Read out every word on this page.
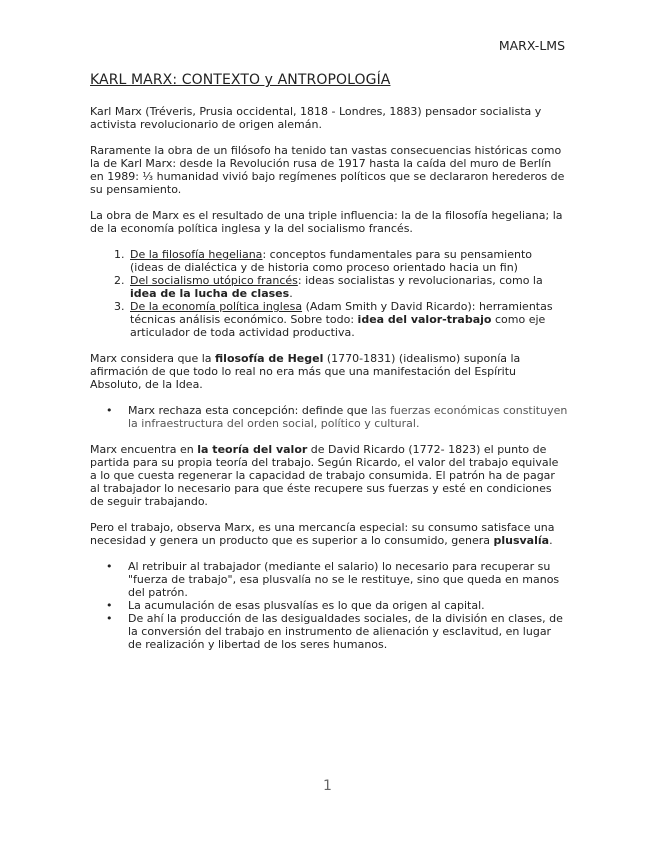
MARX-LMS
KARL MARX: CONTEXTO y ANTROPOLOGÍA

Karl Marx (Tréveris, Prusia occidental, 1818 - Londres, 1883) pensador socialista y activista revolucionario de origen alemán.

Raramente la obra de un filósofo ha tenido tan vastas consecuencias históricas como la de Karl Marx: desde la Revolución rusa de 1917 hasta la caída del muro de Berlín en 1989: ⅓ humanidad vivió bajo regímenes políticos que se declararon herederos de su pensamiento.

La obra de Marx es el resultado de una triple influencia: la de la filosofía hegeliana; la de la economía política inglesa y la del socialismo francés.

1. De la filosofía hegeliana: conceptos fundamentales para su pensamiento (ideas de dialéctica y de historia como proceso orientado hacia un fin)
2. Del socialismo utópico francés: ideas socialistas y revolucionarias, como la idea de la lucha de clases.
3. De la economía política inglesa (Adam Smith y David Ricardo): herramientas técnicas análisis económico. Sobre todo: idea del valor-trabajo como eje articulador de toda actividad productiva.

Marx considera que la filosofía de Hegel (1770-1831) (idealismo) suponía la afirmación de que todo lo real no era más que una manifestación del Espíritu Absoluto, de la Idea.

• Marx rechaza esta concepción: definde que las fuerzas económicas constituyen la infraestructura del orden social, político y cultural.

Marx encuentra en la teoría del valor de David Ricardo (1772- 1823) el punto de partida para su propia teoría del trabajo. Según Ricardo, el valor del trabajo equivale a lo que cuesta regenerar la capacidad de trabajo consumida. El patrón ha de pagar al trabajador lo necesario para que éste recupere sus fuerzas y esté en condiciones de seguir trabajando.

Pero el trabajo, observa Marx, es una mercancía especial: su consumo satisface una necesidad y genera un producto que es superior a lo consumido, genera plusvalía.

• Al retribuir al trabajador (mediante el salario) lo necesario para recuperar su "fuerza de trabajo", esa plusvalía no se le restituye, sino que queda en manos del patrón.
• La acumulación de esas plusvalías es lo que da origen al capital.
• De ahí la producción de las desigualdades sociales, de la división en clases, de la conversión del trabajo en instrumento de alienación y esclavitud, en lugar de realización y libertad de los seres humanos.
1
